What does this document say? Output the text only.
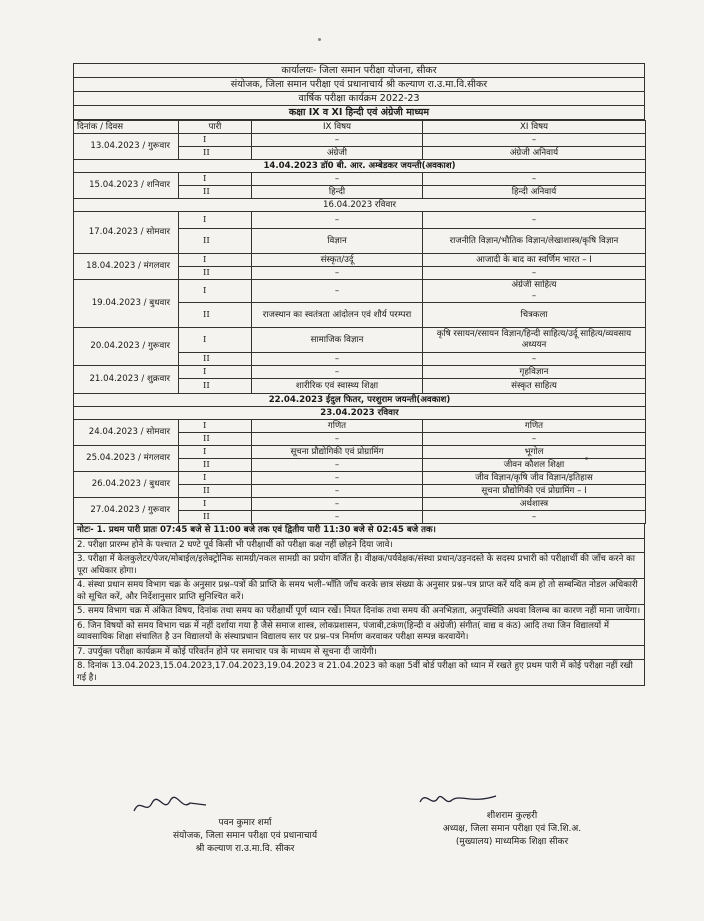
कार्यालयः- जिला समान परीक्षा योजना, सीकर
संयोजक, जिला समान परीक्षा एवं प्रधानाचार्य श्री कल्याण रा.उ.मा.वि.सीकर
वार्षिक परीक्षा कार्यक्रम 2022-23
कक्षा IX व XI हिन्दी एवं अंग्रेजी माध्यम
दिनांक / दिवस	पारी	IX विषय	XI विषय
13.04.2023 / गुरूवार	I	–	–
	II	अंग्रेजी	अंग्रेजी अनिवार्य
14.04.2023 डॉ0 बी. आर. अम्बेडकर जयन्ती(अवकाश)			
15.04.2023 / शनिवार	I	–	–
	II	हिन्दी	हिन्दी अनिवार्य
16.04.2023 रविवार			
17.04.2023 / सोमवार	I	–	–
	II	विज्ञान	राजनीति विज्ञान/भौतिक विज्ञान/लेखाशास्त्र/कृषि विज्ञान
18.04.2023 / मंगलवार	I	संस्कृत/उर्दू	आजादी के बाद का स्वर्णिम भारत – I
	II	–	–
19.04.2023 / बुधवार	I	–	अंग्रेजी साहित्य
–
	II	राजस्थान का स्वतंत्रता आंदोलन एवं शौर्य परम्परा	चित्रकला
20.04.2023 / गुरूवार	I	सामाजिक विज्ञान	कृषि रसायन/रसायन विज्ञान/हिन्दी साहित्य/उर्दू साहित्य/व्यवसाय अध्ययन
	II	–	–
21.04.2023 / शुक्रवार	I	–	गृहविज्ञान
	II	शारीरिक एवं स्वास्थ्य शिक्षा	संस्कृत साहित्य
22.04.2023 ईदुल फितर, परशुराम जयन्ती(अवकाश)			
23.04.2023 रविवार			
24.04.2023 / सोमवार	I	गणित	गणित
	II	–	–
25.04.2023 / मंगलवार	I	सूचना प्रौद्योगिकी एवं प्रोग्रामिंग	भूगोल
	II	–	जीवन कौशल शिक्षा
26.04.2023 / बुधवार	I	–	जीव विज्ञान/कृषि जीव विज्ञान/इतिहास
	II	–	सूचना प्रौद्योगिकी एवं प्रोग्रामिंग – I
27.04.2023 / गुरूवार	I	–	अर्थशास्त्र
	II	–	–
नोटः- 1. प्रथम पारी प्रातः 07:45 बजे से 11:00 बजे तक एवं द्वितीय पारी 11:30 बजे से 02:45 बजे तक।
2. परीक्षा प्रारम्भ होने के पश्चात 2 घण्टे पूर्व किसी भी परीक्षार्थी को परीक्षा कक्ष नहीं छोड़ने दिया जावे।
3. परीक्षा में केलकुलेटर/पेजर/मोबाईल/इलेक्ट्रोनिक सामग्री/नकल सामग्री का प्रयोग वर्जित है। वीक्षक/पर्यवेक्षक/संस्था प्रधान/उड़नदस्ते के सदस्य प्रभारी को परीक्षार्थी की जाँच करने का पूरा अधिकार होगा।
4. संस्था प्रधान समय विभाग चक्र के अनुसार प्रश्न–पत्रों की प्राप्ति के समय भली–भाँति जाँच करके छात्र संख्या के अनुसार प्रश्न–पत्र प्राप्त करें यदि कम हो तो सम्बन्धित नोडल अधिकारी को सूचित करें, और निर्देशानुसार प्राप्ति सुनिश्चित करें।
5. समय विभाग चक्र में अंकित विषय, दिनांक तथा समय का परीक्षार्थी पूर्ण ध्यान रखें। नियत दिनांक तथा समय की अनभिज्ञता, अनुपस्थिति अथवा विलम्ब का कारण नहीं माना जायेगा।
6. जिन विषयों को समय विभाग चक्र में नहीं दर्शाया गया है जैसे समाज शास्त्र, लोकप्रशासन, पंजाबी,टकंण(हिन्दी व अंग्रेजी) संगीत( वाद्य व कंठ) आदि तथा जिन विद्यालयों में व्यावसायिक शिक्षा संचालित है उन विद्यालयों के संस्थाप्रधान विद्यालय स्तर पर प्रश्न–पत्र निर्माण करवाकर परीक्षा सम्पन्न करवायेंगे।
7. उपर्युक्त परीक्षा कार्यक्रम में कोई परिवर्तन होने पर समाचार पत्र के माध्यम से सूचना दी जायेगी।
8. दिनांक 13.04.2023,15.04.2023,17.04.2023,19.04.2023 व 21.04.2023 को कक्षा 5वीं बोर्ड परीक्षा को ध्यान में रखते हुए प्रथम पारी में कोई परीक्षा नहीं रखी गई है।
पवन कुमार शर्मा
संयोजक, जिला समान परीक्षा एवं प्रधानाचार्य
श्री कल्याण रा.उ.मा.वि. सीकर
शीशराम कुल्हरी
अध्यक्ष, जिला समान परीक्षा एवं जि.शि.अ.
(मुख्यालय) माध्यमिक शिक्षा सीकर
